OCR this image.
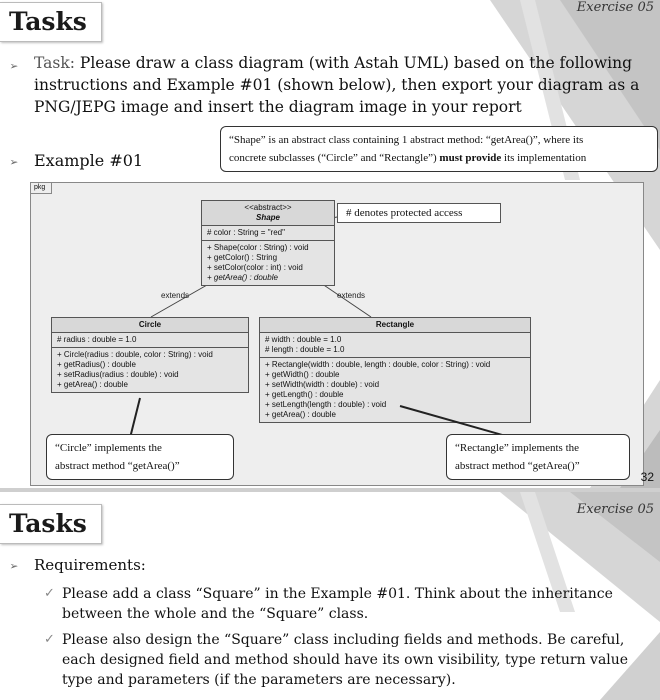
Tasks	Exercise 05
➢	Task: Please draw a class diagram (with Astah UML) based on the following instructions and Example #01 (shown below), then export your diagram as a PNG/JEPG image and insert the diagram image in your report
➢ Example #01
“Shape” is an abstract class containing 1 abstract method: “getArea()”, where its
concrete subclasses (“Circle” and “Rectangle”) must provide its implementation
pkg
<<abstract>>
Shape
# color : String = "red"
+ Shape(color : String) : void
+ getColor() : String
+ setColor(color : int) : void
+ getArea() : double
# denotes protected access
extends	extends
Circle
# radius : double = 1.0
+ Circle(radius : double, color : String) : void
+ getRadius() : double
+ setRadius(radius : double) : void
+ getArea() : double
Rectangle
# width : double = 1.0
# length : double = 1.0
+ Rectangle(width : double, length : double, color : String) : void
+ getWidth() : double
+ setWidth(width : double) : void
+ getLength() : double
+ setLength(length : double) : void
+ getArea() : double
“Circle” implements the
abstract method “getArea()”
“Rectangle” implements the
abstract method “getArea()”
32
Tasks	Exercise 05
➢	Requirements:
✓ Please add a class “Square” in the Example #01. Think about the inheritance between the whole and the “Square” class.
✓ Please also design the “Square” class including fields and methods. Be careful, each designed field and method should have its own visibility, type return value type and parameters (if the parameters are necessary).
